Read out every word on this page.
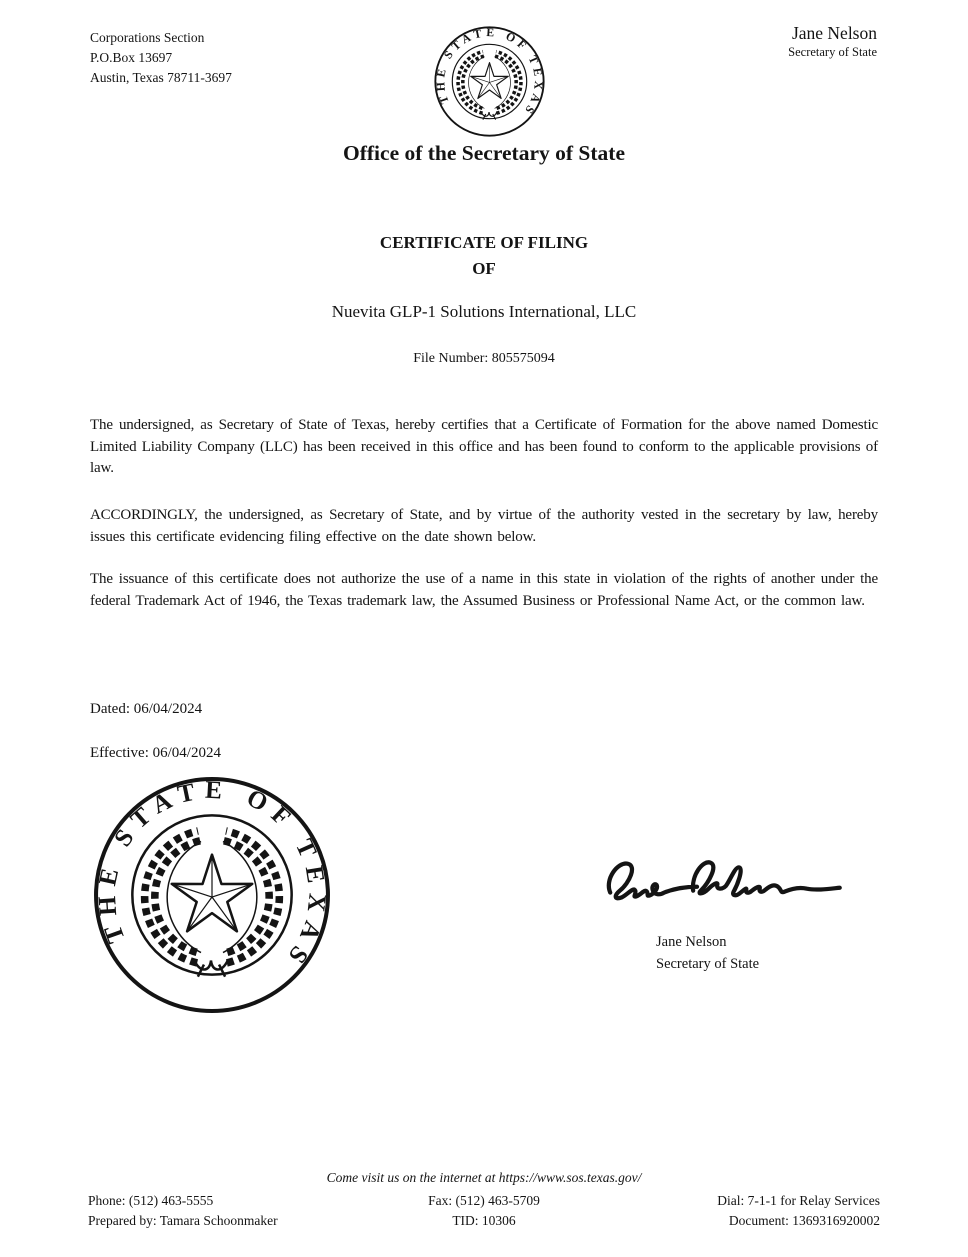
Corporations Section
P.O.Box 13697
Austin, Texas 78711-3697
THE STATE OF TEXAS
Jane Nelson
Secretary of State
Office of the Secretary of State
CERTIFICATE OF FILING
OF
Nuevita GLP-1 Solutions International, LLC
File Number: 805575094

The undersigned, as Secretary of State of Texas, hereby certifies that a Certificate of Formation for the above named Domestic Limited Liability Company (LLC) has been received in this office and has been found to conform to the applicable provisions of law.

ACCORDINGLY, the undersigned, as Secretary of State, and by virtue of the authority vested in the secretary by law, hereby issues this certificate evidencing filing effective on the date shown below.

The issuance of this certificate does not authorize the use of a name in this state in violation of the rights of another under the federal Trademark Act of 1946, the Texas trademark law, the Assumed Business or Professional Name Act, or the common law.

Dated: 06/04/2024
Effective: 06/04/2024
THE STATE OF TEXAS	Jane Nelson
Secretary of State
Come visit us on the internet at https://www.sos.texas.gov/
Phone: (512) 463-5555	Fax: (512) 463-5709	Dial: 7-1-1 for Relay Services
Prepared by: Tamara Schoonmaker	TID: 10306	Document: 1369316920002
